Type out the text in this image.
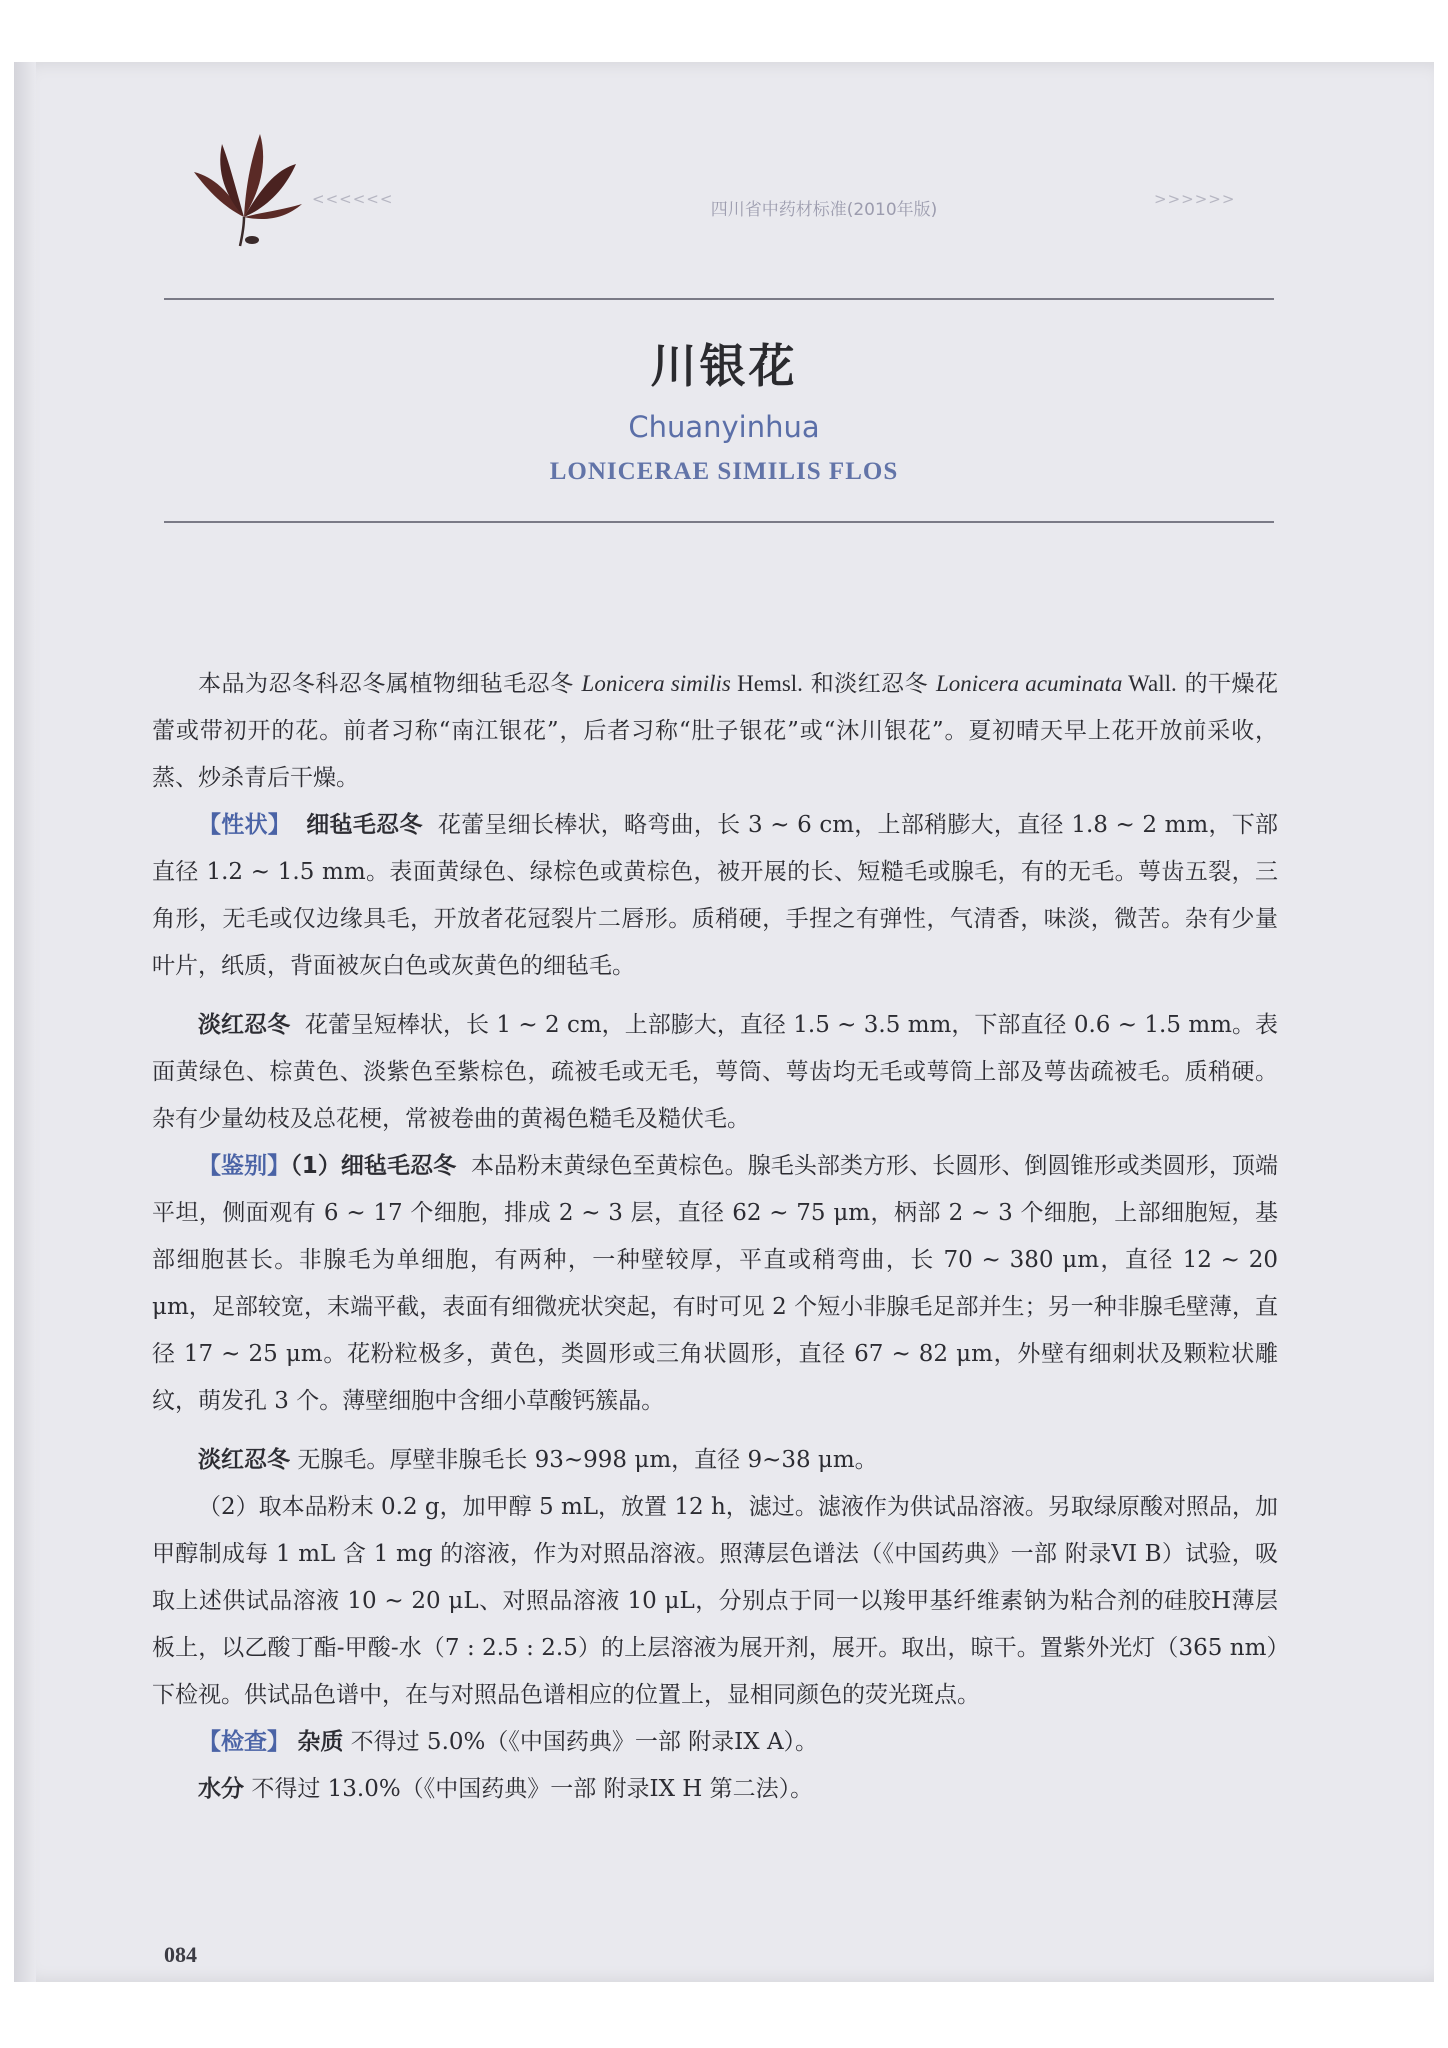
<<<<<<
四川省中药材标准(2010年版)
>>>>>>
川银花
Chuanyinhua
LONICERAE SIMILIS FLOS

本品为忍冬科忍冬属植物细毡毛忍冬 Lonicera similis Hemsl. 和淡红忍冬 Lonicera acuminata Wall. 的干燥花蕾或带初开的花。前者习称“南江银花”，后者习称“肚子银花”或“沐川银花”。夏初晴天早上花开放前采收，蒸、炒杀青后干燥。

【性状】 细毡毛忍冬 花蕾呈细长棒状，略弯曲，长 3 ~ 6 cm，上部稍膨大，直径 1.8 ~ 2 mm，下部直径 1.2 ~ 1.5 mm。表面黄绿色、绿棕色或黄棕色，被开展的长、短糙毛或腺毛，有的无毛。萼齿五裂，三角形，无毛或仅边缘具毛，开放者花冠裂片二唇形。质稍硬，手捏之有弹性，气清香，味淡，微苦。杂有少量叶片，纸质，背面被灰白色或灰黄色的细毡毛。

淡红忍冬 花蕾呈短棒状，长 1 ~ 2 cm，上部膨大，直径 1.5 ~ 3.5 mm，下部直径 0.6 ~ 1.5 mm。表面黄绿色、棕黄色、淡紫色至紫棕色，疏被毛或无毛，萼筒、萼齿均无毛或萼筒上部及萼齿疏被毛。质稍硬。杂有少量幼枝及总花梗，常被卷曲的黄褐色糙毛及糙伏毛。

【鉴别】（1）细毡毛忍冬 本品粉末黄绿色至黄棕色。腺毛头部类方形、长圆形、倒圆锥形或类圆形，顶端平坦，侧面观有 6 ~ 17 个细胞，排成 2 ~ 3 层，直径 62 ~ 75 μm，柄部 2 ~ 3 个细胞，上部细胞短，基部细胞甚长。非腺毛为单细胞，有两种，一种壁较厚，平直或稍弯曲，长 70 ~ 380 μm，直径 12 ~ 20 μm，足部较宽，末端平截，表面有细微疣状突起，有时可见 2 个短小非腺毛足部并生；另一种非腺毛壁薄，直径 17 ~ 25 μm。花粉粒极多，黄色，类圆形或三角状圆形，直径 67 ~ 82 μm，外壁有细刺状及颗粒状雕纹，萌发孔 3 个。薄壁细胞中含细小草酸钙簇晶。

淡红忍冬 无腺毛。厚壁非腺毛长 93~998 μm，直径 9~38 μm。

（2）取本品粉末 0.2 g，加甲醇 5 mL，放置 12 h，滤过。滤液作为供试品溶液。另取绿原酸对照品，加甲醇制成每 1 mL 含 1 mg 的溶液，作为对照品溶液。照薄层色谱法（《中国药典》一部 附录VI B）试验，吸取上述供试品溶液 10 ~ 20 μL、对照品溶液 10 μL，分别点于同一以羧甲基纤维素钠为粘合剂的硅胶H薄层板上，以乙酸丁酯-甲酸-水（7 : 2.5 : 2.5）的上层溶液为展开剂，展开。取出，晾干。置紫外光灯（365 nm）下检视。供试品色谱中，在与对照品色谱相应的位置上，显相同颜色的荧光斑点。

【检查】 杂质 不得过 5.0%（《中国药典》一部 附录IX A）。

水分 不得过 13.0%（《中国药典》一部 附录IX H 第二法）。

084
